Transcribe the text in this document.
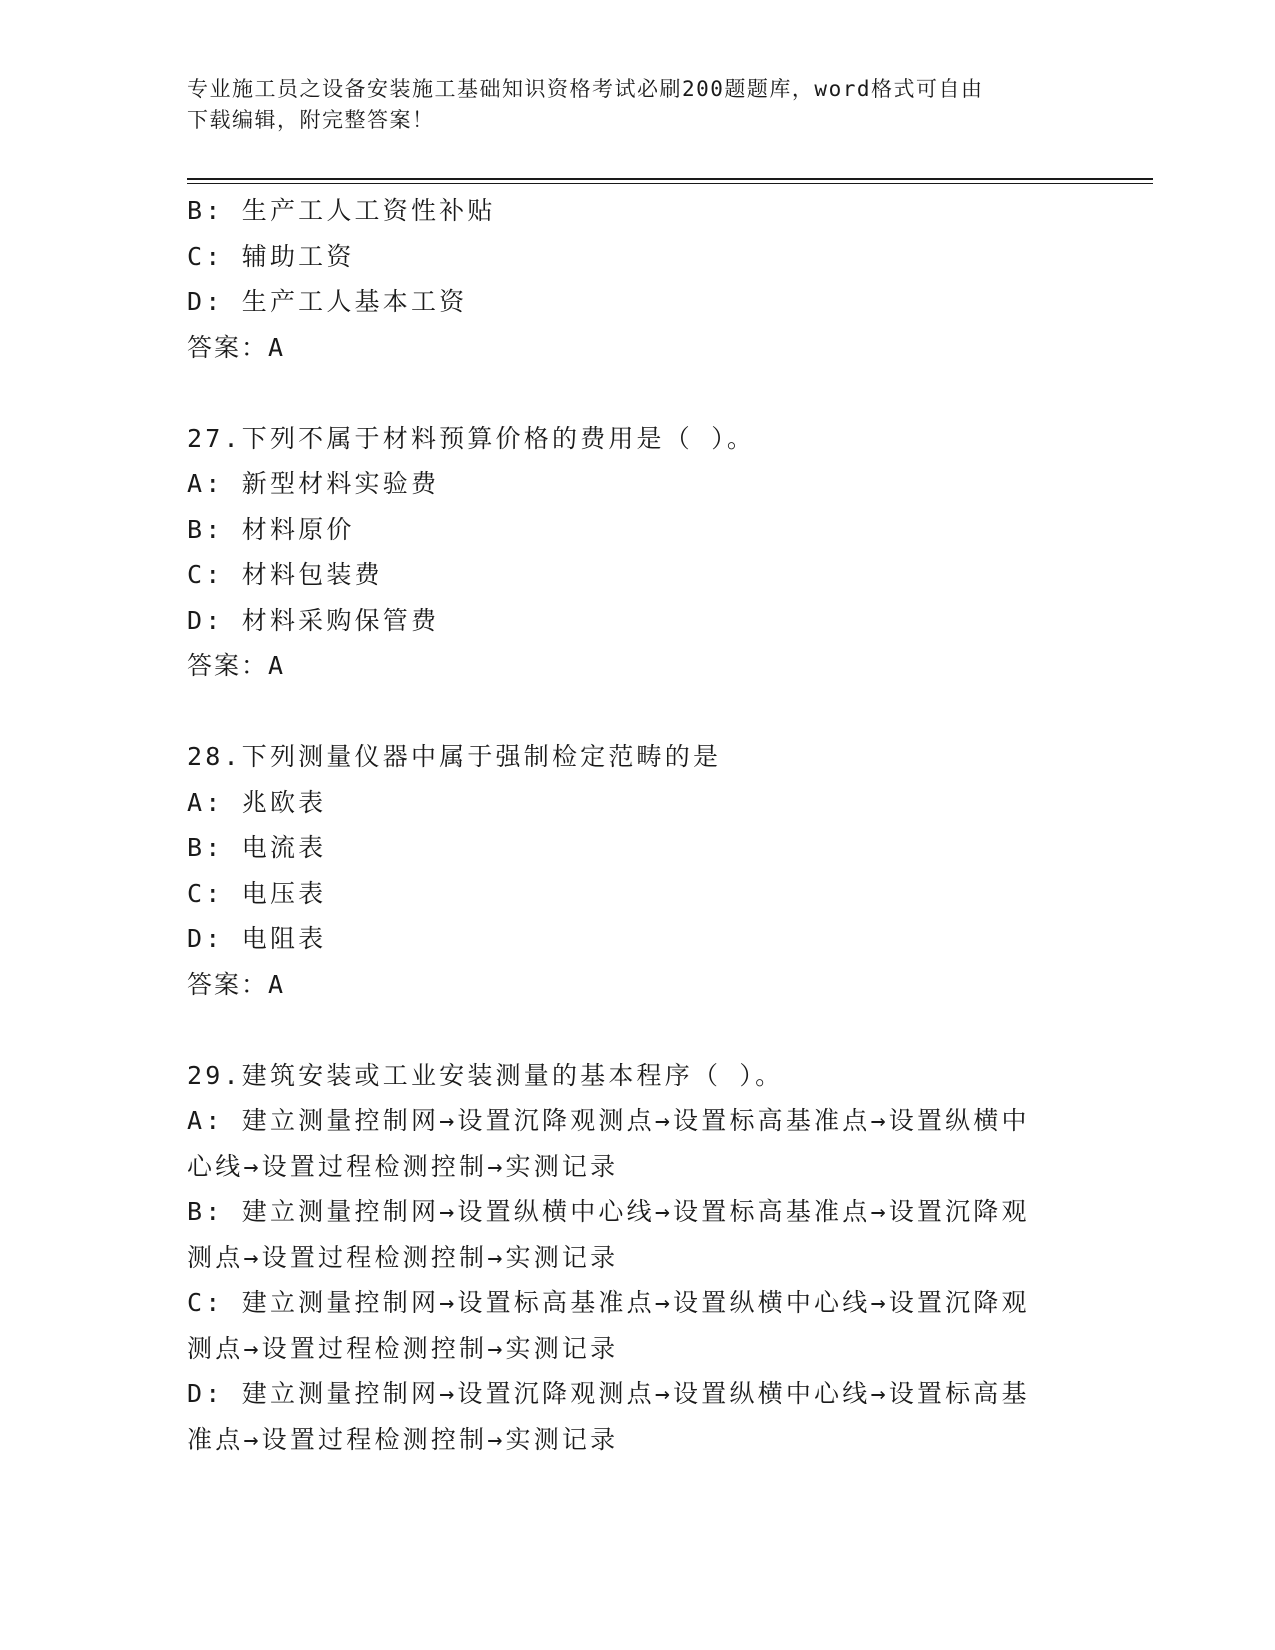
专业施工员之设备安装施工基础知识资格考试必刷200题题库，word格式可自由
下载编辑，附完整答案！

B: 生产工人工资性补贴

C: 辅助工资

D: 生产工人基本工资

答案：A

27.下列不属于材料预算价格的费用是（ ）。

A: 新型材料实验费

B: 材料原价

C: 材料包装费

D: 材料采购保管费

答案：A

28.下列测量仪器中属于强制检定范畴的是

A: 兆欧表

B: 电流表

C: 电压表

D: 电阻表

答案：A

29.建筑安装或工业安装测量的基本程序（ ）。

A: 建立测量控制网→设置沉降观测点→设置标高基准点→设置纵横中

心线→设置过程检测控制→实测记录

B: 建立测量控制网→设置纵横中心线→设置标高基准点→设置沉降观

测点→设置过程检测控制→实测记录

C: 建立测量控制网→设置标高基准点→设置纵横中心线→设置沉降观

测点→设置过程检测控制→实测记录

D: 建立测量控制网→设置沉降观测点→设置纵横中心线→设置标高基

准点→设置过程检测控制→实测记录
